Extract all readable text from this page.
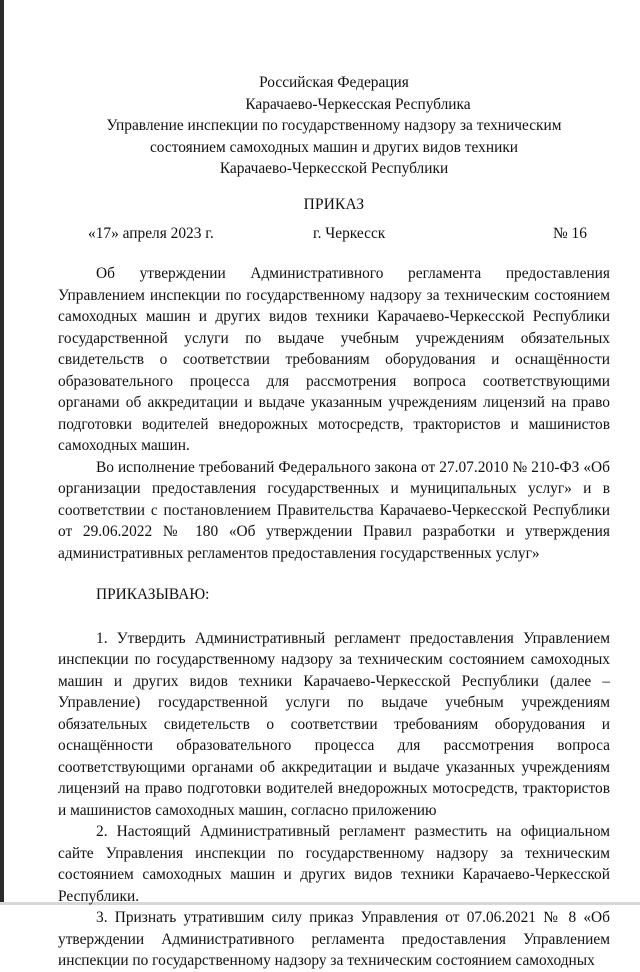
Российская Федерация
Карачаево-Черкесская Республика
Управление инспекции по государственному надзору за техническим
состоянием самоходных машин и других видов техники
Карачаево-Черкесской Республики
ПРИКАЗ
«17» апреля 2023 г.	г. Черкесск	№ 16

Об утверждении Административного регламента предоставления Управлением инспекции по государственному надзору за техническим состоянием самоходных машин и других видов техники Карачаево-Черкесской Республики государственной услуги по выдаче учебным учреждениям обязательных свидетельств о соответствии требованиям оборудования и оснащённости образовательного процесса для рассмотрения вопроса соответствующими органами об аккредитации и выдаче указанным учреждениям лицензий на право подготовки водителей внедорожных мотосредств, трактористов и машинистов самоходных машин.

Во исполнение требований Федерального закона от 27.07.2010 № 210-ФЗ «Об организации предоставления государственных и муниципальных услуг» и в соответствии с постановлением Правительства Карачаево-Черкесской Республики от 29.06.2022 № 180 «Об утверждении Правил разработки и утверждения административных регламентов предоставления государственных услуг»

ПРИКАЗЫВАЮ:

1. Утвердить Административный регламент предоставления Управлением инспекции по государственному надзору за техническим состоянием самоходных машин и других видов техники Карачаево-Черкесской Республики (далее – Управление) государственной услуги по выдаче учебным учреждениям обязательных свидетельств о соответствии требованиям оборудования и оснащённости образовательного процесса для рассмотрения вопроса соответствующими органами об аккредитации и выдаче указанных учреждениям лицензий на право подготовки водителей внедорожных мотосредств, трактористов и машинистов самоходных машин, согласно приложению

2. Настоящий Административный регламент разместить на официальном сайте Управления инспекции по государственному надзору за техническим состоянием самоходных машин и других видов техники Карачаево-Черкесской Республики.

3. Признать утратившим силу приказ Управления от 07.06.2021 № 8 «Об утверждении Административного регламента предоставления Управлением инспекции по государственному надзору за техническим состоянием самоходных
